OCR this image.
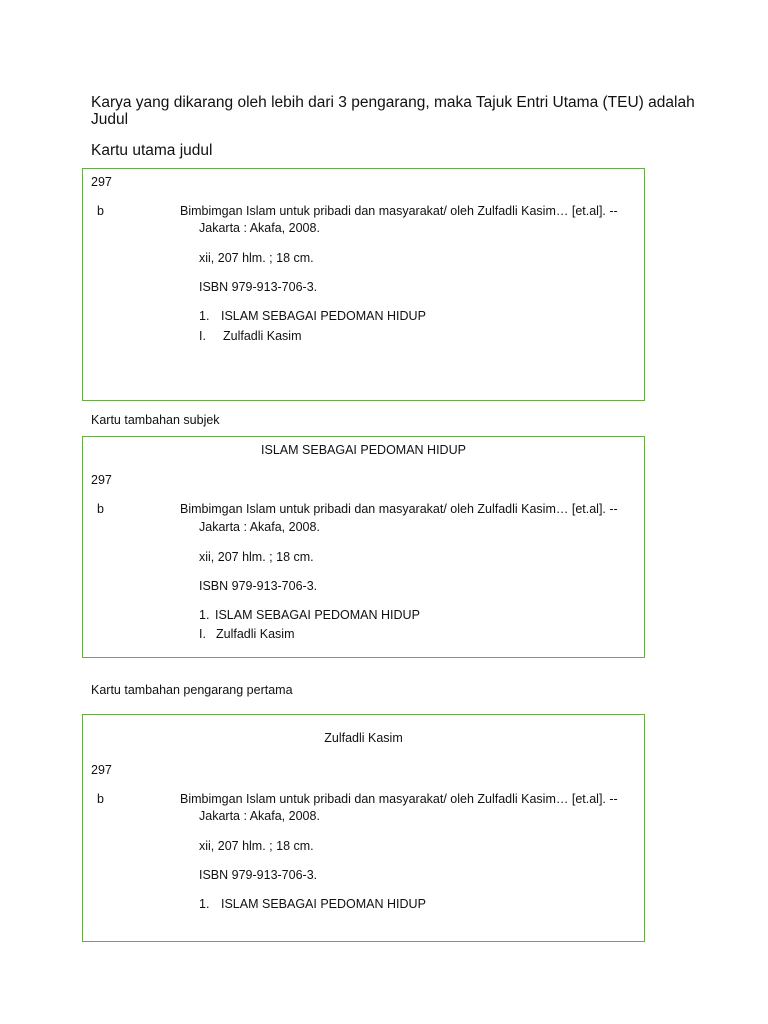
Karya yang dikarang oleh lebih dari 3 pengarang, maka Tajuk Entri Utama (TEU) adalah Judul
Kartu utama judul
297
b	Bimbimgan Islam untuk pribadi dan masyarakat/ oleh Zulfadli Kasim… [et.al]. --
Jakarta : Akafa, 2008.
xii, 207 hlm. ; 18 cm.
ISBN 979-913-706-3.
1. ISLAM SEBAGAI PEDOMAN HIDUP
I. Zulfadli Kasim
Kartu tambahan subjek
ISLAM SEBAGAI PEDOMAN HIDUP
297
b	Bimbimgan Islam untuk pribadi dan masyarakat/ oleh Zulfadli Kasim… [et.al]. --
Jakarta : Akafa, 2008.
xii, 207 hlm. ; 18 cm.
ISBN 979-913-706-3.
1. ISLAM SEBAGAI PEDOMAN HIDUP
I. Zulfadli Kasim
Kartu tambahan pengarang pertama
Zulfadli Kasim
297
b	Bimbimgan Islam untuk pribadi dan masyarakat/ oleh Zulfadli Kasim… [et.al]. --
Jakarta : Akafa, 2008.
xii, 207 hlm. ; 18 cm.
ISBN 979-913-706-3.
1. ISLAM SEBAGAI PEDOMAN HIDUP
